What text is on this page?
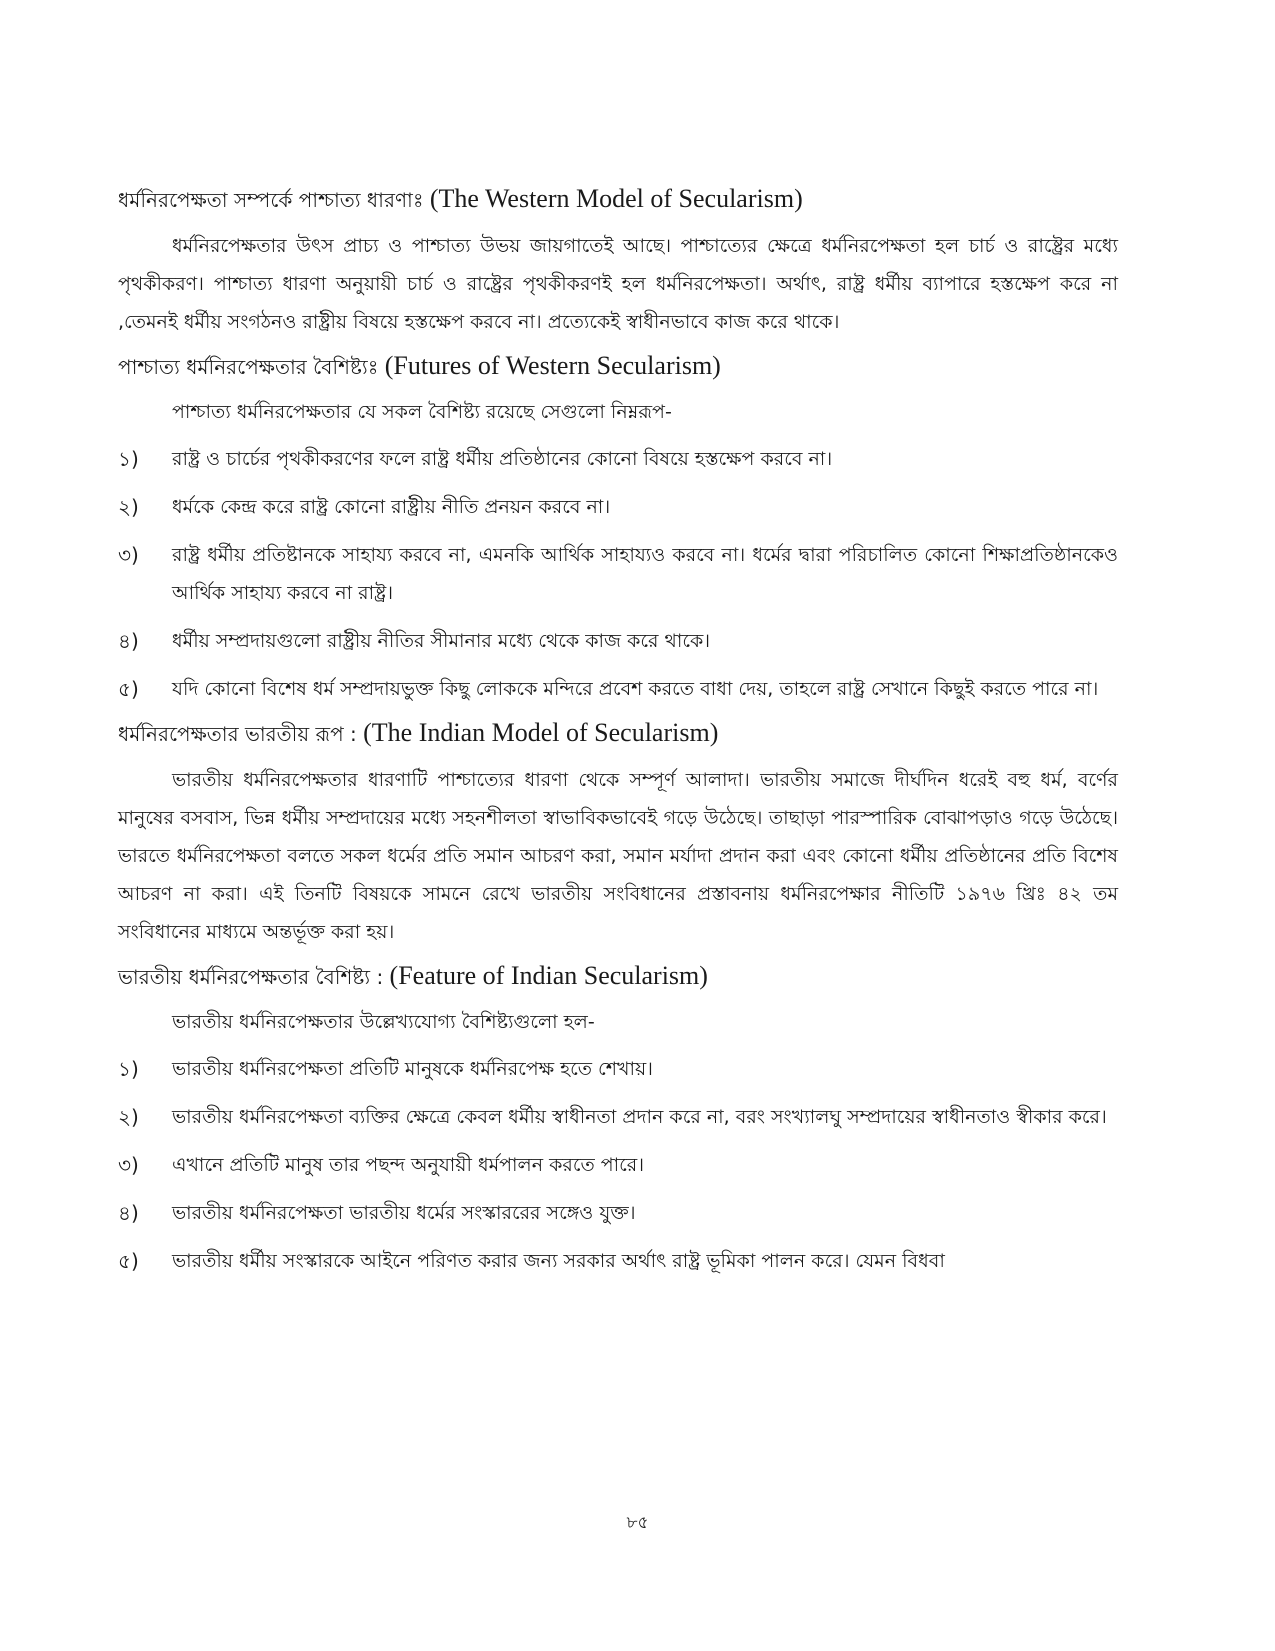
ধর্মনিরপেক্ষতা সম্পর্কে পাশ্চাত্য ধারণাঃ (The Western Model of Secularism)

ধর্মনিরপেক্ষতার উৎস প্রাচ্য ও পাশ্চাত্য উভয় জায়গাতেই আছে। পাশ্চাত্যের ক্ষেত্রে ধর্মনিরপেক্ষতা হল চার্চ ও রাষ্ট্রের মধ্যে পৃথকীকরণ। পাশ্চাত্য ধারণা অনুয়ায়ী চার্চ ও রাষ্ট্রের পৃথকীকরণই হল ধর্মনিরপেক্ষতা। অর্থাৎ, রাষ্ট্র ধর্মীয় ব্যাপারে হস্তক্ষেপ করে না ,তেমনই ধর্মীয় সংগঠনও রাষ্ট্রীয় বিষয়ে হস্তক্ষেপ করবে না। প্রত্যেকেই স্বাধীনভাবে কাজ করে থাকে।

পাশ্চাত্য ধর্মনিরপেক্ষতার বৈশিষ্ট্যঃ (Futures of Western Secularism)

পাশ্চাত্য ধর্মনিরপেক্ষতার যে সকল বৈশিষ্ট্য রয়েছে সেগুলো নিম্নরূপ-

১)	রাষ্ট্র ও চার্চের পৃথকীকরণের ফলে রাষ্ট্র ধর্মীয় প্রতিষ্ঠানের কোনো বিষয়ে হস্তক্ষেপ করবে না।
২)	ধর্মকে কেন্দ্র করে রাষ্ট্র কোনো রাষ্ট্রীয় নীতি প্রনয়ন করবে না।
৩)	রাষ্ট্র ধর্মীয় প্রতিষ্টানকে সাহায্য করবে না, এমনকি আর্থিক সাহায্যও করবে না। ধর্মের দ্বারা পরিচালিত কোনো শিক্ষাপ্রতিষ্ঠানকেও আর্থিক সাহায্য করবে না রাষ্ট্র।
৪)	ধর্মীয় সম্প্রদায়গুলো রাষ্ট্রীয় নীতির সীমানার মধ্যে থেকে কাজ করে থাকে।
৫)	যদি কোনো বিশেষ ধর্ম সম্প্রদায়ভুক্ত কিছু লোককে মন্দিরে প্রবেশ করতে বাধা দেয়, তাহলে রাষ্ট্র সেখানে কিছুই করতে পারে না।
ধর্মনিরপেক্ষতার ভারতীয় রূপ : (The Indian Model of Secularism)

ভারতীয় ধর্মনিরপেক্ষতার ধারণাটি পাশ্চাত্যের ধারণা থেকে সম্পূর্ণ আলাদা। ভারতীয় সমাজে দীর্ঘদিন ধরেই বহু ধর্ম, বর্ণের মানুষের বসবাস, ভিন্ন ধর্মীয় সম্প্রদায়ের মধ্যে সহনশীলতা স্বাভাবিকভাবেই গড়ে উঠেছে। তাছাড়া পারস্পারিক বোঝাপড়াও গড়ে উঠেছে। ভারতে ধর্মনিরপেক্ষতা বলতে সকল ধর্মের প্রতি সমান আচরণ করা, সমান মর্যাদা প্রদান করা এবং কোনো ধর্মীয় প্রতিষ্ঠানের প্রতি বিশেষ আচরণ না করা। এই তিনটি বিষয়কে সামনে রেখে ভারতীয় সংবিধানের প্রস্তাবনায় ধর্মনিরপেক্ষার নীতিটি ১৯৭৬ খ্রিঃ ৪২ তম সংবিধানের মাধ্যমে অন্তর্ভূক্ত করা হয়।

ভারতীয় ধর্মনিরপেক্ষতার বৈশিষ্ট্য : (Feature of Indian Secularism)

ভারতীয় ধর্মনিরপেক্ষতার উল্লেখ্যযোগ্য বৈশিষ্ট্যগুলো হল-

১)	ভারতীয় ধর্মনিরপেক্ষতা প্রতিটি মানুষকে ধর্মনিরপেক্ষ হতে শেখায়।
২)	ভারতীয় ধর্মনিরপেক্ষতা ব্যক্তির ক্ষেত্রে কেবল ধর্মীয় স্বাধীনতা প্রদান করে না, বরং সংখ্যালঘু সম্প্রদায়ের স্বাধীনতাও স্বীকার করে।
৩)	এখানে প্রতিটি মানুষ তার পছন্দ অনুযায়ী ধর্মপালন করতে পারে।
৪)	ভারতীয় ধর্মনিরপেক্ষতা ভারতীয় ধর্মের সংস্কাররের সঙ্গেও যুক্ত।
৫)	ভারতীয় ধর্মীয় সংস্কারকে আইনে পরিণত করার জন্য সরকার অর্থাৎ রাষ্ট্র ভূমিকা পালন করে। যেমন বিধবা
৮৫
